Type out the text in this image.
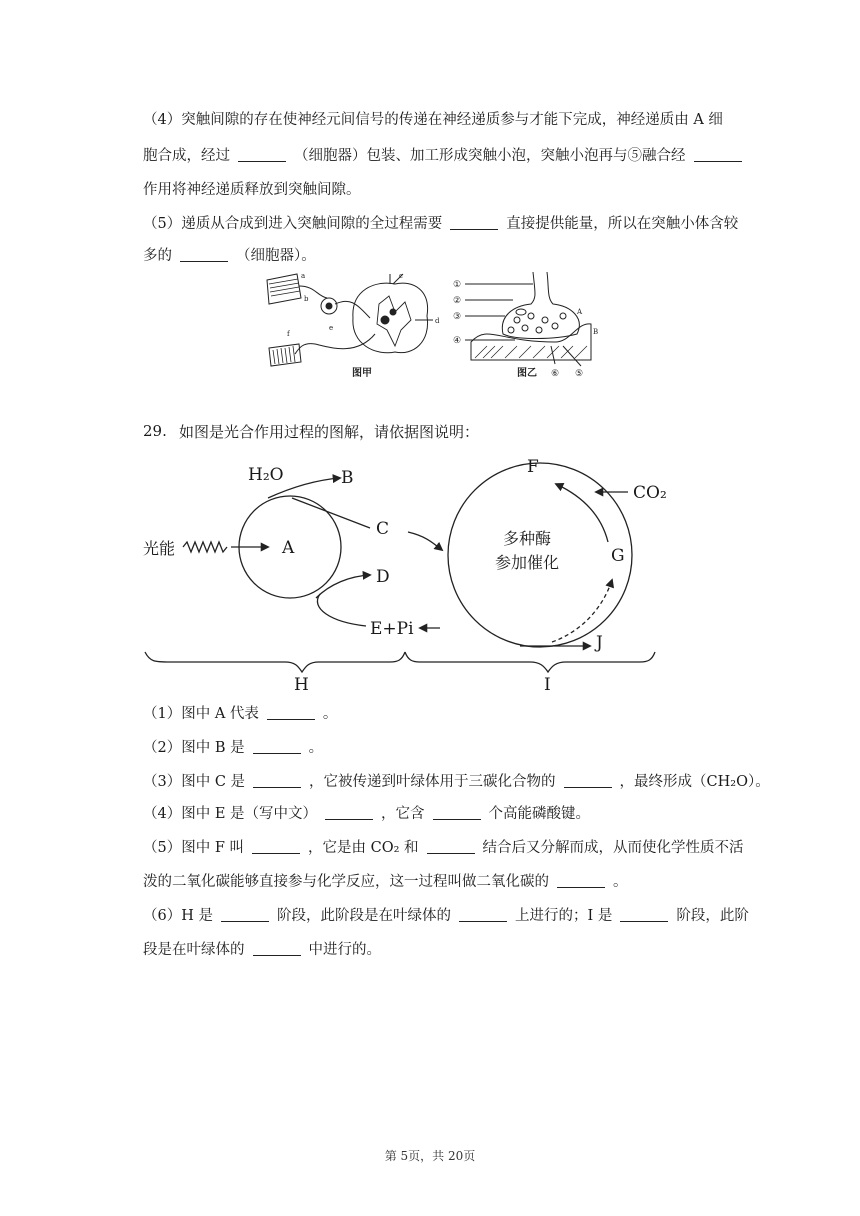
（4）突触间隙的存在使神经元间信号的传递在神经递质参与才能下完成，神经递质由 A 细
胞合成，经过	（细胞器）包装、加工形成突触小泡，突触小泡再与⑤融合经
作用将神经递质释放到突触间隙。
（5）递质从合成到进入突触间隙的全过程需要	直接提供能量，所以在突触小体含较
多的	（细胞器）。
a
b
c
d
e
f
图甲
①
②
③
④
⑥ ⑤
A
B
图乙
29. 如图是光合作用过程的图解，请依据图说明：
H₂O	B
C
A
光能
D
E+Pi
F
CO₂
多种酶
参加催化	G
J
H	I
（1）图中 A 代表	。
（2）图中 B 是	。
（3）图中 C 是	，它被传递到叶绿体用于三碳化合物的	，最终形成（CH₂O）。
（4）图中 E 是（写中文）	，它含	个高能磷酸键。
（5）图中 F 叫	，它是由 CO₂ 和	结合后又分解而成，从而使化学性质不活
泼的二氧化碳能够直接参与化学反应，这一过程叫做二氧化碳的	。
（6）H 是	阶段，此阶段是在叶绿体的	上进行的；I 是	阶段，此阶
段是在叶绿体的	中进行的。
第 5页，共 20页
